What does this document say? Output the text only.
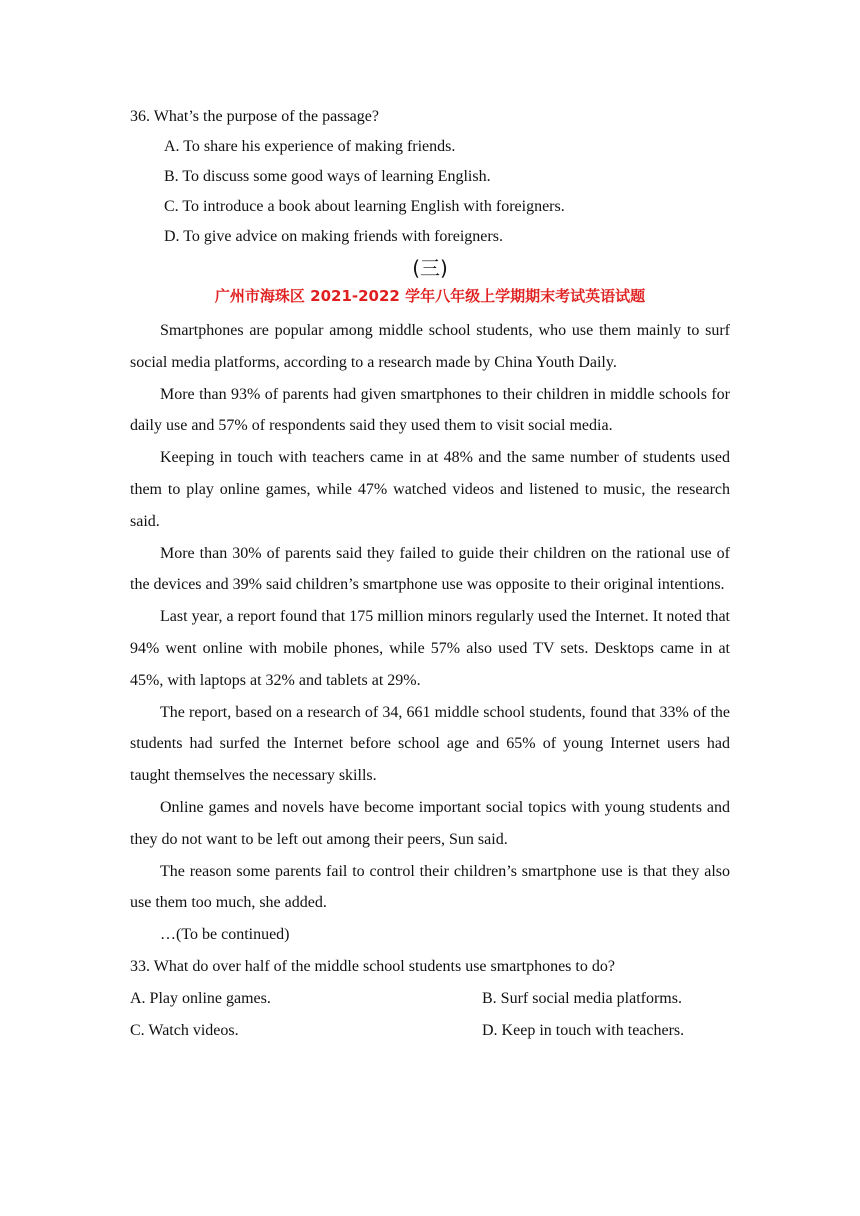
36. What’s the purpose of the passage?
A. To share his experience of making friends.
B. To discuss some good ways of learning English.
C. To introduce a book about learning English with foreigners.
D. To give advice on making friends with foreigners.
(三)
广州市海珠区 2021-2022 学年八年级上学期期末考试英语试题

Smartphones are popular among middle school students, who use them mainly to surf social media platforms, according to a research made by China Youth Daily.

More than 93% of parents had given smartphones to their children in middle schools for daily use and 57% of respondents said they used them to visit social media.

Keeping in touch with teachers came in at 48% and the same number of students used them to play online games, while 47% watched videos and listened to music, the research said.

More than 30% of parents said they failed to guide their children on the rational use of the devices and 39% said children’s smartphone use was opposite to their original intentions.

Last year, a report found that 175 million minors regularly used the Internet. It noted that 94% went online with mobile phones, while 57% also used TV sets. Desktops came in at 45%, with laptops at 32% and tablets at 29%.

The report, based on a research of 34, 661 middle school students, found that 33% of the students had surfed the Internet before school age and 65% of young Internet users had taught themselves the necessary skills.

Online games and novels have become important social topics with young students and they do not want to be left out among their peers, Sun said.

The reason some parents fail to control their children’s smartphone use is that they also use them too much, she added.

…(To be continued)

33. What do over half of the middle school students use smartphones to do?
A. Play online games.	B. Surf social media platforms.
C. Watch videos.	D. Keep in touch with teachers.
